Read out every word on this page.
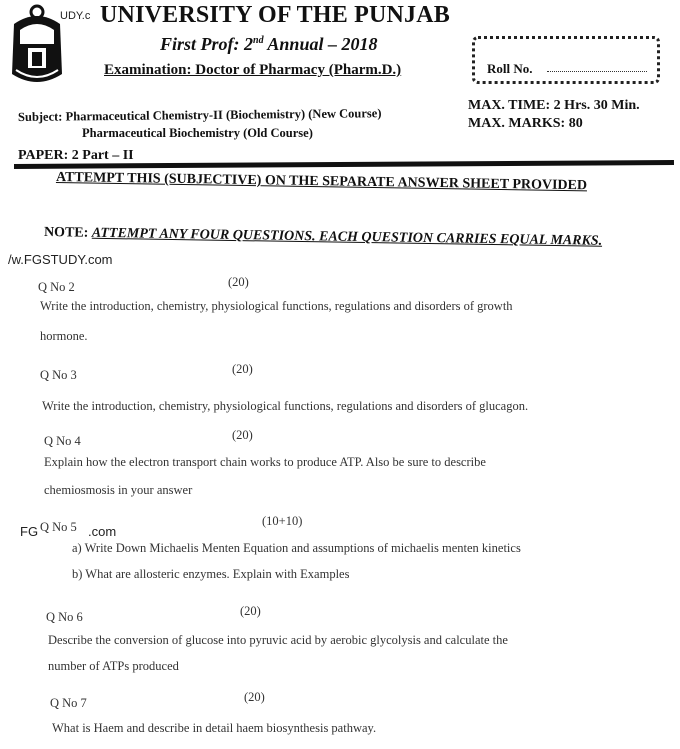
UDY.c UNIVERSITY OF THE PUNJAB
First Prof: 2nd Annual – 2018
Examination: Doctor of Pharmacy (Pharm.D.)	Roll No.
MAX. TIME: 2 Hrs. 30 Min.
MAX. MARKS: 80
Subject: Pharmaceutical Chemistry-II (Biochemistry) (New Course)
Pharmaceutical Biochemistry (Old Course)
PAPER: 2 Part – II
ATTEMPT THIS (SUBJECTIVE) ON THE SEPARATE ANSWER SHEET PROVIDED
NOTE: ATTEMPT ANY FOUR QUESTIONS. EACH QUESTION CARRIES EQUAL MARKS.
/w.FGSTUDY.com
Q No 2	(20)
Write the introduction, chemistry, physiological functions, regulations and disorders of growth
hormone.
Q No 3	(20)
Write the introduction, chemistry, physiological functions, regulations and disorders of glucagon.
Q No 4	(20)
Explain how the electron transport chain works to produce ATP. Also be sure to describe
chemiosmosis in your answer
FG Q No 5 .com
(10+10)
a) Write Down Michaelis Menten Equation and assumptions of michaelis menten kinetics
b) What are allosteric enzymes. Explain with Examples
Q No 6	(20)
Describe the conversion of glucose into pyruvic acid by aerobic glycolysis and calculate the
number of ATPs produced
Q No 7	(20)
What is Haem and describe in detail haem biosynthesis pathway.
